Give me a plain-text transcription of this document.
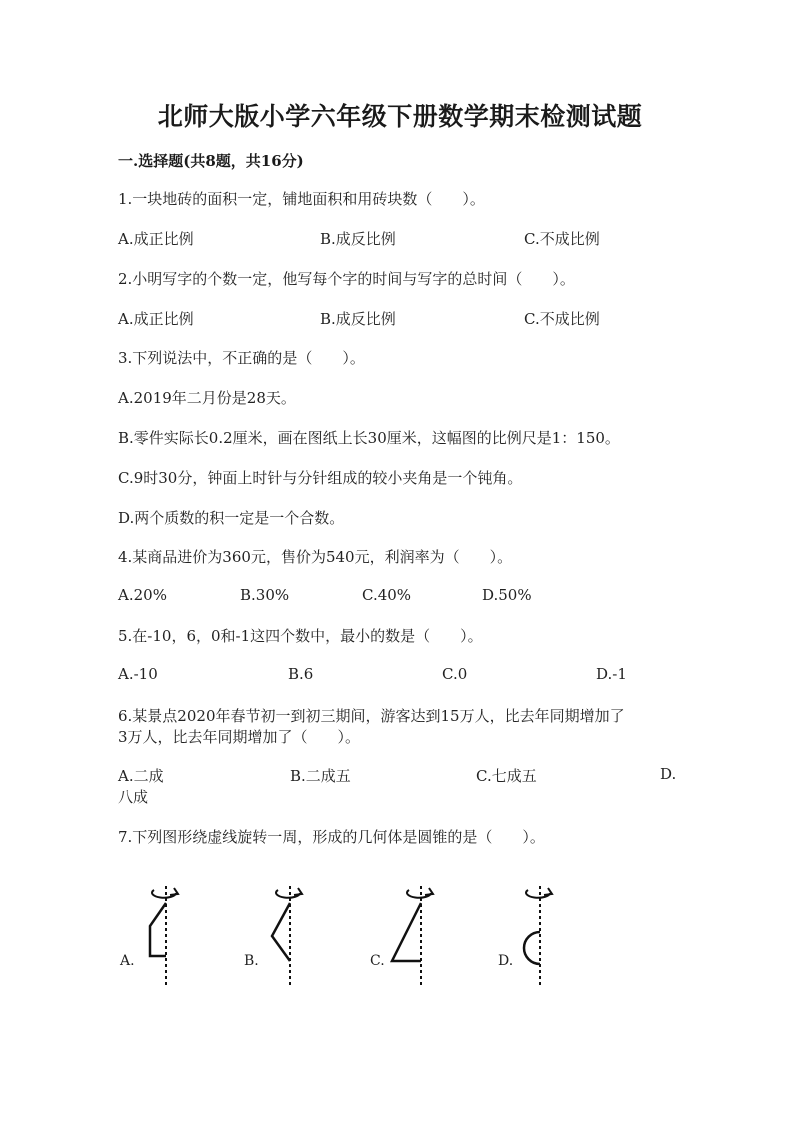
北师大版小学六年级下册数学期末检测试题
一.选择题(共8题，共16分)
1.一块地砖的面积一定，铺地面积和用砖块数（　　）。
A.成正比例	B.成反比例	C.不成比例
2.小明写字的个数一定，他写每个字的时间与写字的总时间（　　）。
A.成正比例	B.成反比例	C.不成比例
3.下列说法中，不正确的是（　　）。
A.2019年二月份是28天。
B.零件实际长0.2厘米，画在图纸上长30厘米，这幅图的比例尺是1：150。
C.9时30分，钟面上时针与分针组成的较小夹角是一个钝角。
D.两个质数的积一定是一个合数。
4.某商品进价为360元，售价为540元，利润率为（　　）。
A.20%	B.30%	C.40%	D.50%
5.在-10，6，0和-1这四个数中，最小的数是（　　）。
A.-10	B.6	C.0	D.-1
6.某景点2020年春节初一到初三期间，游客达到15万人，比去年同期增加了
3万人，比去年同期增加了（　　）。
A.二成	B.二成五	C.七成五	D.
八成
7.下列图形绕虚线旋转一周，形成的几何体是圆锥的是（　　）。
A.	B.	C.	D.
